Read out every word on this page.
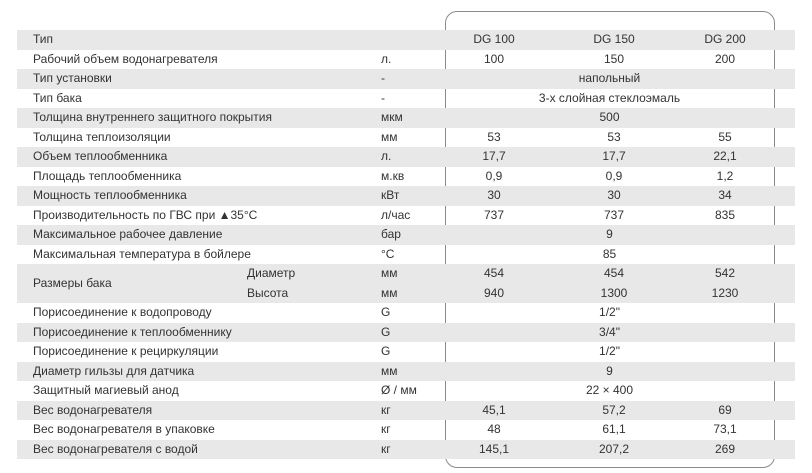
Тип	DG 100	DG 150	DG 200
Рабочий объем водонагревателя	л.	100	150	200
Тип установки	-	напольный
Тип бака	-	3-х слойная стеклоэмаль
Толщина внутреннего защитного покрытия	мкм	500
Толщина теплоизоляции	мм	53	53	55
Объем теплообменника	л.	17,7	17,7	22,1
Площадь теплообменника	м.кв	0,9	0,9	1,2
Мощность теплообменника	кВт	30	30	34
Производительность по ГВС при ▲35°C	л/час	737	737	835
Максимальное рабочее давление	бар	9
Максимальная температура в бойлере	°C	85
Размеры бака
Диаметр	мм	454	454	542
Высота	мм	940	1300	1230
Порисоединение к водопроводу	G	1/2"
Порисоединение к теплообменнику	G	3/4"
Порисоединение к рециркуляции	G	1/2"
Диаметр гильзы для датчика	мм	9
Защитный магиевый анод	Ø / мм	22 × 400
Вес водонагревателя	кг	45,1	57,2	69
Вес водонагревателя в упаковке	кг	48	61,1	73,1
Вес водонагревателя с водой	кг	145,1	207,2	269
